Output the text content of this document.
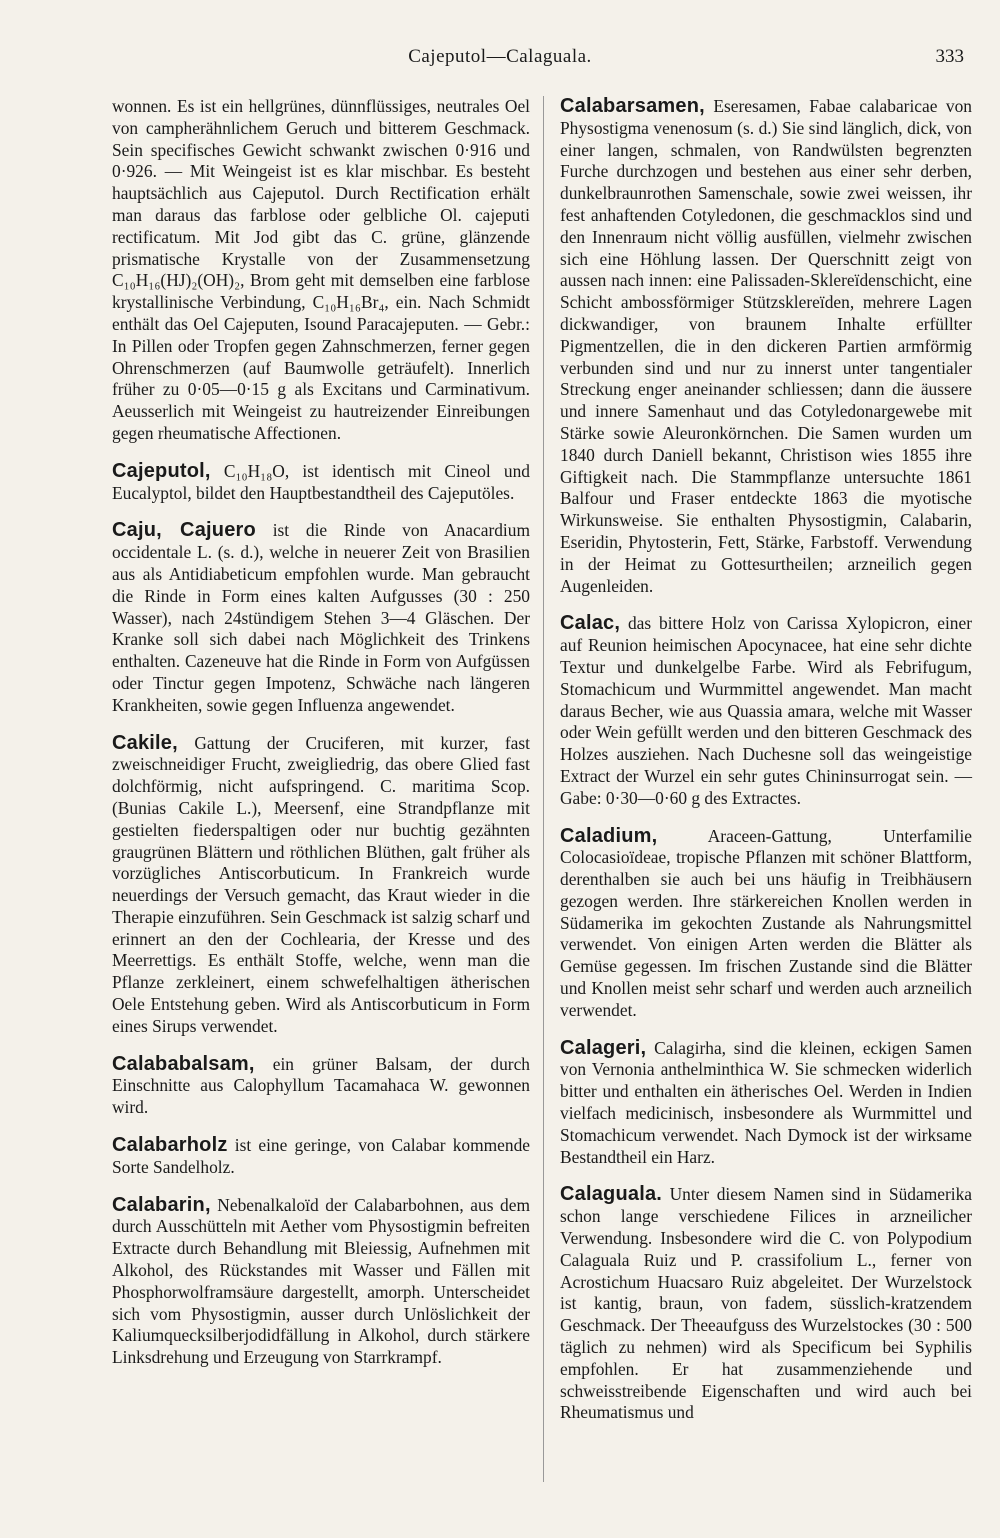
Cajeputol—Calaguala.	333

wonnen. Es ist ein hellgrünes, dünnflüssiges, neutrales Oel von campherähnlichem Geruch und bitterem Geschmack. Sein specifisches Gewicht schwankt zwischen 0·916 und 0·926. — Mit Weingeist ist es klar mischbar. Es besteht hauptsächlich aus Cajeputol. Durch Rectification erhält man daraus das farblose oder gelbliche Ol. cajeputi rectificatum. Mit Jod gibt das C. grüne, glänzende prismatische Krystalle von der Zusammensetzung C₁₀H₁₆(HJ)₂(OH)₂, Brom geht mit demselben eine farblose krystallinische Verbindung, C₁₀H₁₆Br₄, ein. Nach Schmidt enthält das Oel Cajeputen, Isound Paracajeputen. — Gebr.: In Pillen oder Tropfen gegen Zahnschmerzen, ferner gegen Ohrenschmerzen (auf Baumwolle geträufelt). Innerlich früher zu 0·05—0·15 g als Excitans und Carminativum. Aeusserlich mit Weingeist zu hautreizender Einreibungen gegen rheumatische Affectionen.

Cajeputol, C₁₀H₁₈O, ist identisch mit Cineol und Eucalyptol, bildet den Hauptbestandtheil des Cajeputöles.

Caju, Cajuero ist die Rinde von Anacardium occidentale L. (s. d.), welche in neuerer Zeit von Brasilien aus als Antidiabeticum empfohlen wurde. Man gebraucht die Rinde in Form eines kalten Aufgusses (30 : 250 Wasser), nach 24stündigem Stehen 3—4 Gläschen. Der Kranke soll sich dabei nach Möglichkeit des Trinkens enthalten. Cazeneuve hat die Rinde in Form von Aufgüssen oder Tinctur gegen Impotenz, Schwäche nach längeren Krankheiten, sowie gegen Influenza angewendet.

Cakile, Gattung der Cruciferen, mit kurzer, fast zweischneidiger Frucht, zweigliedrig, das obere Glied fast dolchförmig, nicht aufspringend. C. maritima Scop. (Bunias Cakile L.), Meersenf, eine Strandpflanze mit gestielten fiederspaltigen oder nur buchtig gezähnten graugrünen Blättern und röthlichen Blüthen, galt früher als vorzügliches Antiscorbuticum. In Frankreich wurde neuerdings der Versuch gemacht, das Kraut wieder in die Therapie einzuführen. Sein Geschmack ist salzig scharf und erinnert an den der Cochlearia, der Kresse und des Meerrettigs. Es enthält Stoffe, welche, wenn man die Pflanze zerkleinert, einem schwefelhaltigen ätherischen Oele Entstehung geben. Wird als Antiscorbuticum in Form eines Sirups verwendet.

Calababalsam, ein grüner Balsam, der durch Einschnitte aus Calophyllum Tacamahaca W. gewonnen wird.

Calabarholz ist eine geringe, von Calabar kommende Sorte Sandelholz.

Calabarin, Nebenalkaloïd der Calabarbohnen, aus dem durch Ausschütteln mit Aether vom Physostigmin befreiten Extracte durch Behandlung mit Bleiessig, Aufnehmen mit Alkohol, des Rückstandes mit Wasser und Fällen mit Phosphorwolframsäure dargestellt, amorph. Unterscheidet sich vom Physostigmin, ausser durch Unlöslichkeit der Kaliumquecksilberjodidfällung in Alkohol, durch stärkere Linksdrehung und Erzeugung von Starrkrampf.

Calabarsamen, Eseresamen, Fabae calabaricae von Physostigma venenosum (s. d.) Sie sind länglich, dick, von einer langen, schmalen, von Randwülsten begrenzten Furche durchzogen und bestehen aus einer sehr derben, dunkelbraunrothen Samenschale, sowie zwei weissen, ihr fest anhaftenden Cotyledonen, die geschmacklos sind und den Innenraum nicht völlig ausfüllen, vielmehr zwischen sich eine Höhlung lassen. Der Querschnitt zeigt von aussen nach innen: eine Palissaden-Sklereïdenschicht, eine Schicht ambossförmiger Stützsklereïden, mehrere Lagen dickwandiger, von braunem Inhalte erfüllter Pigmentzellen, die in den dickeren Partien armförmig verbunden sind und nur zu innerst unter tangentialer Streckung enger aneinander schliessen; dann die äussere und innere Samenhaut und das Cotyledonargewebe mit Stärke sowie Aleuronkörnchen. Die Samen wurden um 1840 durch Daniell bekannt, Christison wies 1855 ihre Giftigkeit nach. Die Stammpflanze untersuchte 1861 Balfour und Fraser entdeckte 1863 die myotische Wirkunsweise. Sie enthalten Physostigmin, Calabarin, Eseridin, Phytosterin, Fett, Stärke, Farbstoff. Verwendung in der Heimat zu Gottesurtheilen; arzneilich gegen Augenleiden.

Calac, das bittere Holz von Carissa Xylopicron, einer auf Reunion heimischen Apocynacee, hat eine sehr dichte Textur und dunkelgelbe Farbe. Wird als Febrifugum, Stomachicum und Wurmmittel angewendet. Man macht daraus Becher, wie aus Quassia amara, welche mit Wasser oder Wein gefüllt werden und den bitteren Geschmack des Holzes ausziehen. Nach Duchesne soll das weingeistige Extract der Wurzel ein sehr gutes Chininsurrogat sein. — Gabe: 0·30—0·60 g des Extractes.

Caladium,	Araceen-Gattung, Unterfamilie Colocasioïdeae, tropische Pflanzen mit schöner Blattform, derenthalben sie auch bei uns häufig in Treibhäusern gezogen werden. Ihre stärkereichen Knollen werden in Südamerika im gekochten Zustande als Nahrungsmittel verwendet. Von einigen Arten werden die Blätter als Gemüse gegessen. Im frischen Zustande sind die Blätter und Knollen meist sehr scharf und werden auch arzneilich verwendet.

Calageri, Calagirha, sind die kleinen, eckigen Samen von Vernonia anthelminthica W. Sie schmecken widerlich bitter und enthalten ein ätherisches Oel. Werden in Indien vielfach medicinisch, insbesondere als Wurmmittel und Stomachicum verwendet. Nach Dymock ist der wirksame Bestandtheil ein Harz.

Calaguala. Unter diesem Namen sind in Südamerika schon lange verschiedene Filices in arzneilicher Verwendung. Insbesondere wird die C. von Polypodium Calaguala Ruiz und P. crassifolium L., ferner von Acrostichum Huacsaro Ruiz abgeleitet. Der Wurzelstock ist kantig, braun, von fadem, süsslich-kratzendem Geschmack. Der Theeaufguss des Wurzelstockes (30 : 500 täglich zu nehmen) wird als Specificum bei Syphilis empfohlen. Er hat zusammenziehende und schweisstreibende Eigenschaften und wird auch bei Rheumatismus und
